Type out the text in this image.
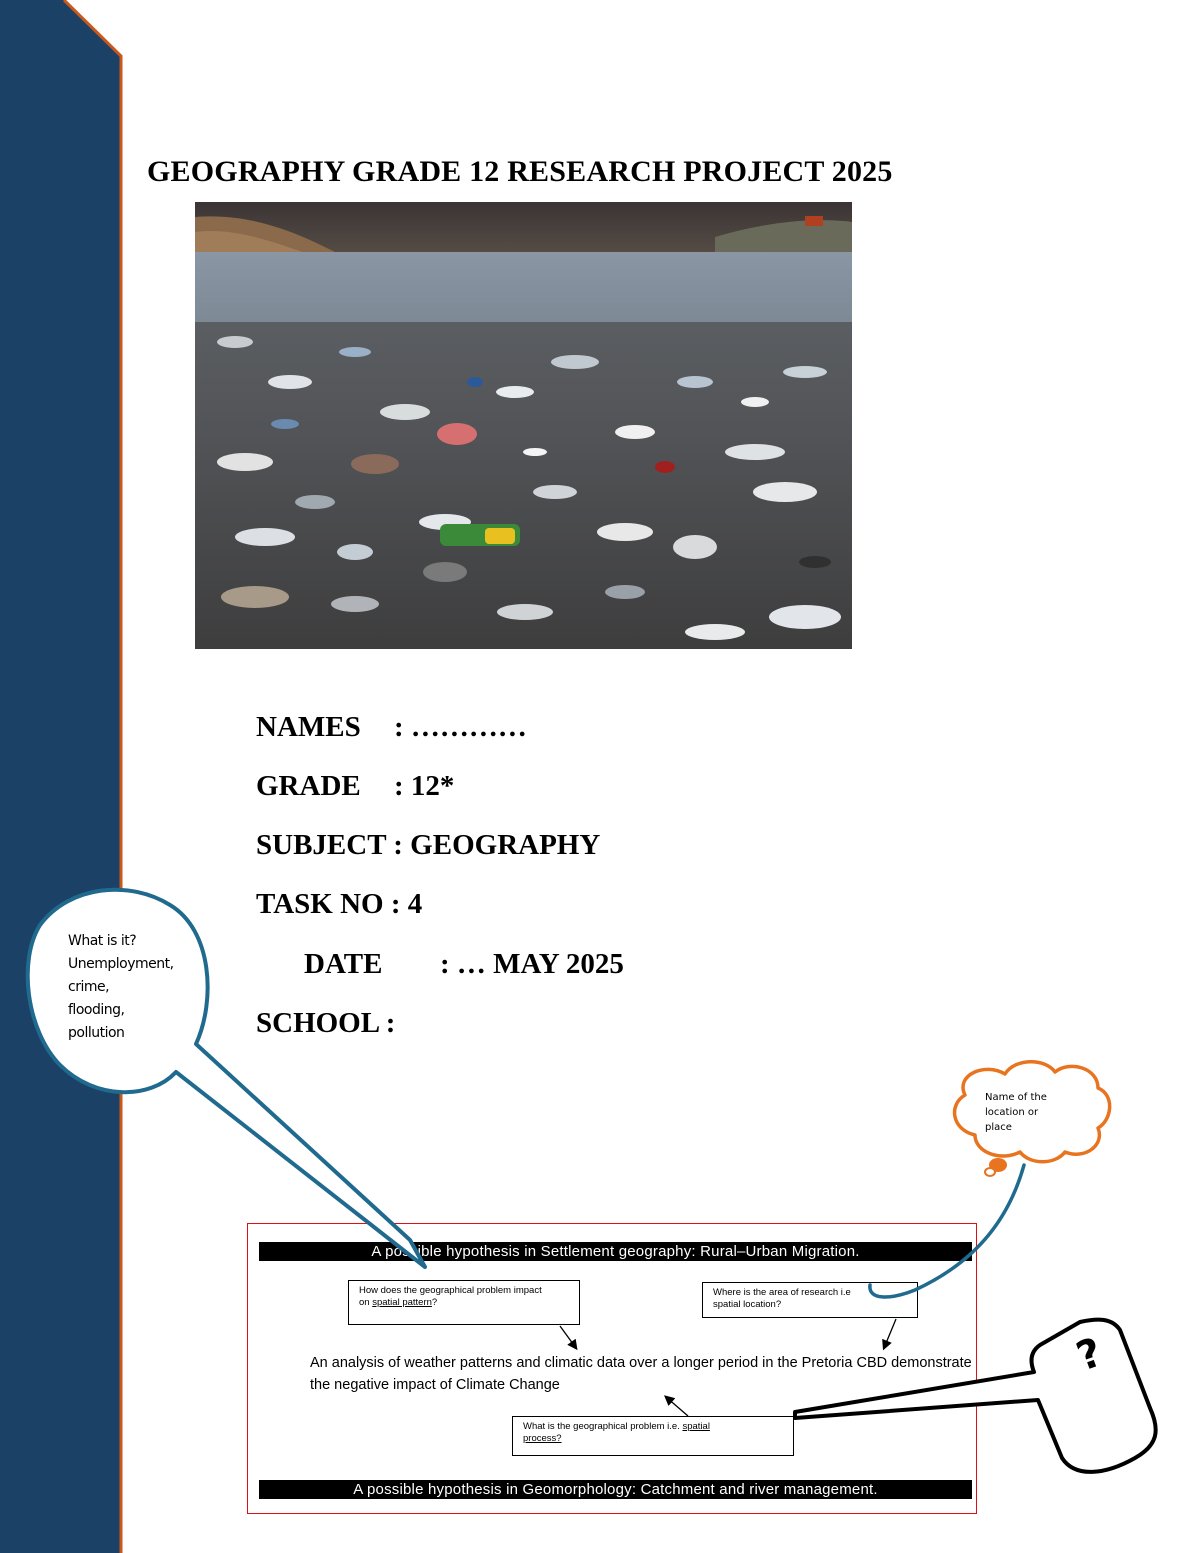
GEOGRAPHY GRADE 12 RESEARCH PROJECT 2025
NAMES : …………
GRADE : 12*
SUBJECT : GEOGRAPHY
TASK NO : 4
DATE : … MAY 2025
SCHOOL :
A possible hypothesis in Settlement geography: Rural–Urban Migration.
How does the geographical problem impact
on spatial pattern?
Where is the area of research i.e
spatial location?
An analysis of weather patterns and climatic data over a longer period in the Pretoria CBD demonstrate the negative impact of Climate Change
What is the geographical problem i.e. spatial
process?
A possible hypothesis in Geomorphology: Catchment and river management.
What is it?
Unemployment,
crime,
flooding,
pollution
Name of the
location or
place
?
